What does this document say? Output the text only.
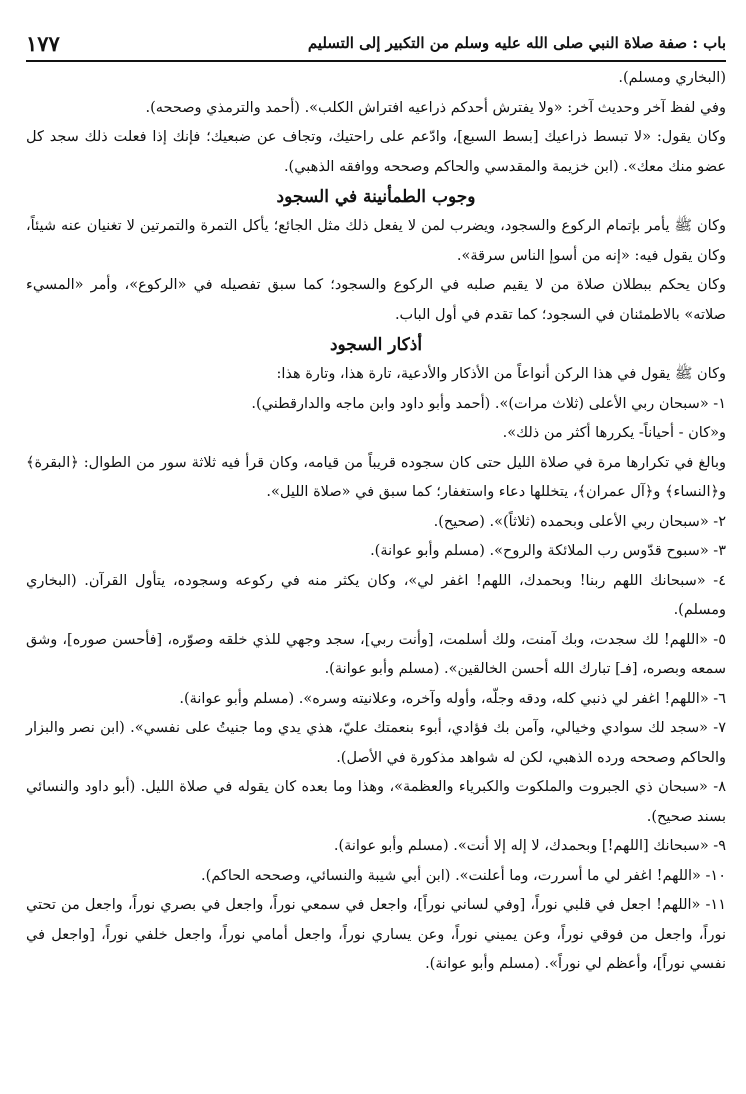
باب : صفة صلاة النبي صلى الله عليه وسلم من التكبير إلى التسليم
١٧٧

(البخاري ومسلم).

وفي لفظ آخر وحديث آخر: «ولا يفترش أحدكم ذراعيه افتراش الكلب». (أحمد والترمذي وصححه).

وكان يقول: «لا تبسط ذراعيك [بسط السبع]، وادّعم على راحتيك، وتجاف عن ضبعيك؛ فإنك إذا فعلت ذلك سجد كل عضو منك معك». (ابن خزيمة والمقدسي والحاكم وصححه ووافقه الذهبي).

وجوب الطمأنينة في السجود

وكان ﷺ يأمر بإتمام الركوع والسجود، ويضرب لمن لا يفعل ذلك مثل الجائع؛ يأكل التمرة والتمرتين لا تغنيان عنه شيئاً، وكان يقول فيه: «إنه من أسوإ الناس سرقة».

وكان يحكم ببطلان صلاة من لا يقيم صلبه في الركوع والسجود؛ كما سبق تفصيله في «الركوع»، وأمر «المسيء صلاته» بالاطمئنان في السجود؛ كما تقدم في أول الباب.

أذكار السجود

وكان ﷺ يقول في هذا الركن أنواعاً من الأذكار والأدعية، تارة هذا، وتارة هذا:

١- «سبحان ربي الأعلى (ثلاث مرات)». (أحمد وأبو داود وابن ماجه والدارقطني).

و«كان - أحياناً- يكررها أكثر من ذلك».

وبالغ في تكرارها مرة في صلاة الليل حتى كان سجوده قريباً من قيامه، وكان قرأ فيه ثلاثة سور من الطوال: ﴿البقرة﴾ و﴿النساء﴾ و﴿آل عمران﴾، يتخللها دعاء واستغفار؛ كما سبق في «صلاة الليل».

٢- «سبحان ربي الأعلى وبحمده (ثلاثاً)». (صحيح).

٣- «سبوح قدّوس رب الملائكة والروح». (مسلم وأبو عوانة).

٤- «سبحانك اللهم ربنا! وبحمدك، اللهم! اغفر لي»، وكان يكثر منه في ركوعه وسجوده، يتأول القرآن. (البخاري ومسلم).

٥- «اللهم! لك سجدت، وبك آمنت، ولك أسلمت، [وأنت ربي]، سجد وجهي للذي خلقه وصوّره، [فأحسن صوره]، وشق سمعه وبصره، [فـ] تبارك الله أحسن الخالقين». (مسلم وأبو عوانة).

٦- «اللهم! اغفر لي ذنبي كله، ودقه وجلّه، وأوله وآخره، وعلانيته وسره». (مسلم وأبو عوانة).

٧- «سجد لك سوادي وخيالي، وآمن بك فؤادي، أبوء بنعمتك عليّ، هذي يدي وما جنيتُ على نفسي». (ابن نصر والبزار والحاكم وصححه ورده الذهبي، لكن له شواهد مذكورة في الأصل).

٨- «سبحان ذي الجبروت والملكوت والكبرياء والعظمة»، وهذا وما بعده كان يقوله في صلاة الليل. (أبو داود والنسائي بسند صحيح).

٩- «سبحانك [اللهم!] وبحمدك، لا إله إلا أنت». (مسلم وأبو عوانة).

١٠- «اللهم! اغفر لي ما أسررت، وما أعلنت». (ابن أبي شيبة والنسائي، وصححه الحاكم).

١١- «اللهم! اجعل في قلبي نوراً، [وفي لساني نوراً]، واجعل في سمعي نوراً، واجعل في بصري نوراً، واجعل من تحتي نوراً، واجعل من فوقي نوراً، وعن يميني نوراً، وعن يساري نوراً، واجعل أمامي نوراً، واجعل خلفي نوراً، [واجعل في نفسي نوراً]، وأعظم لي نوراً». (مسلم وأبو عوانة).
